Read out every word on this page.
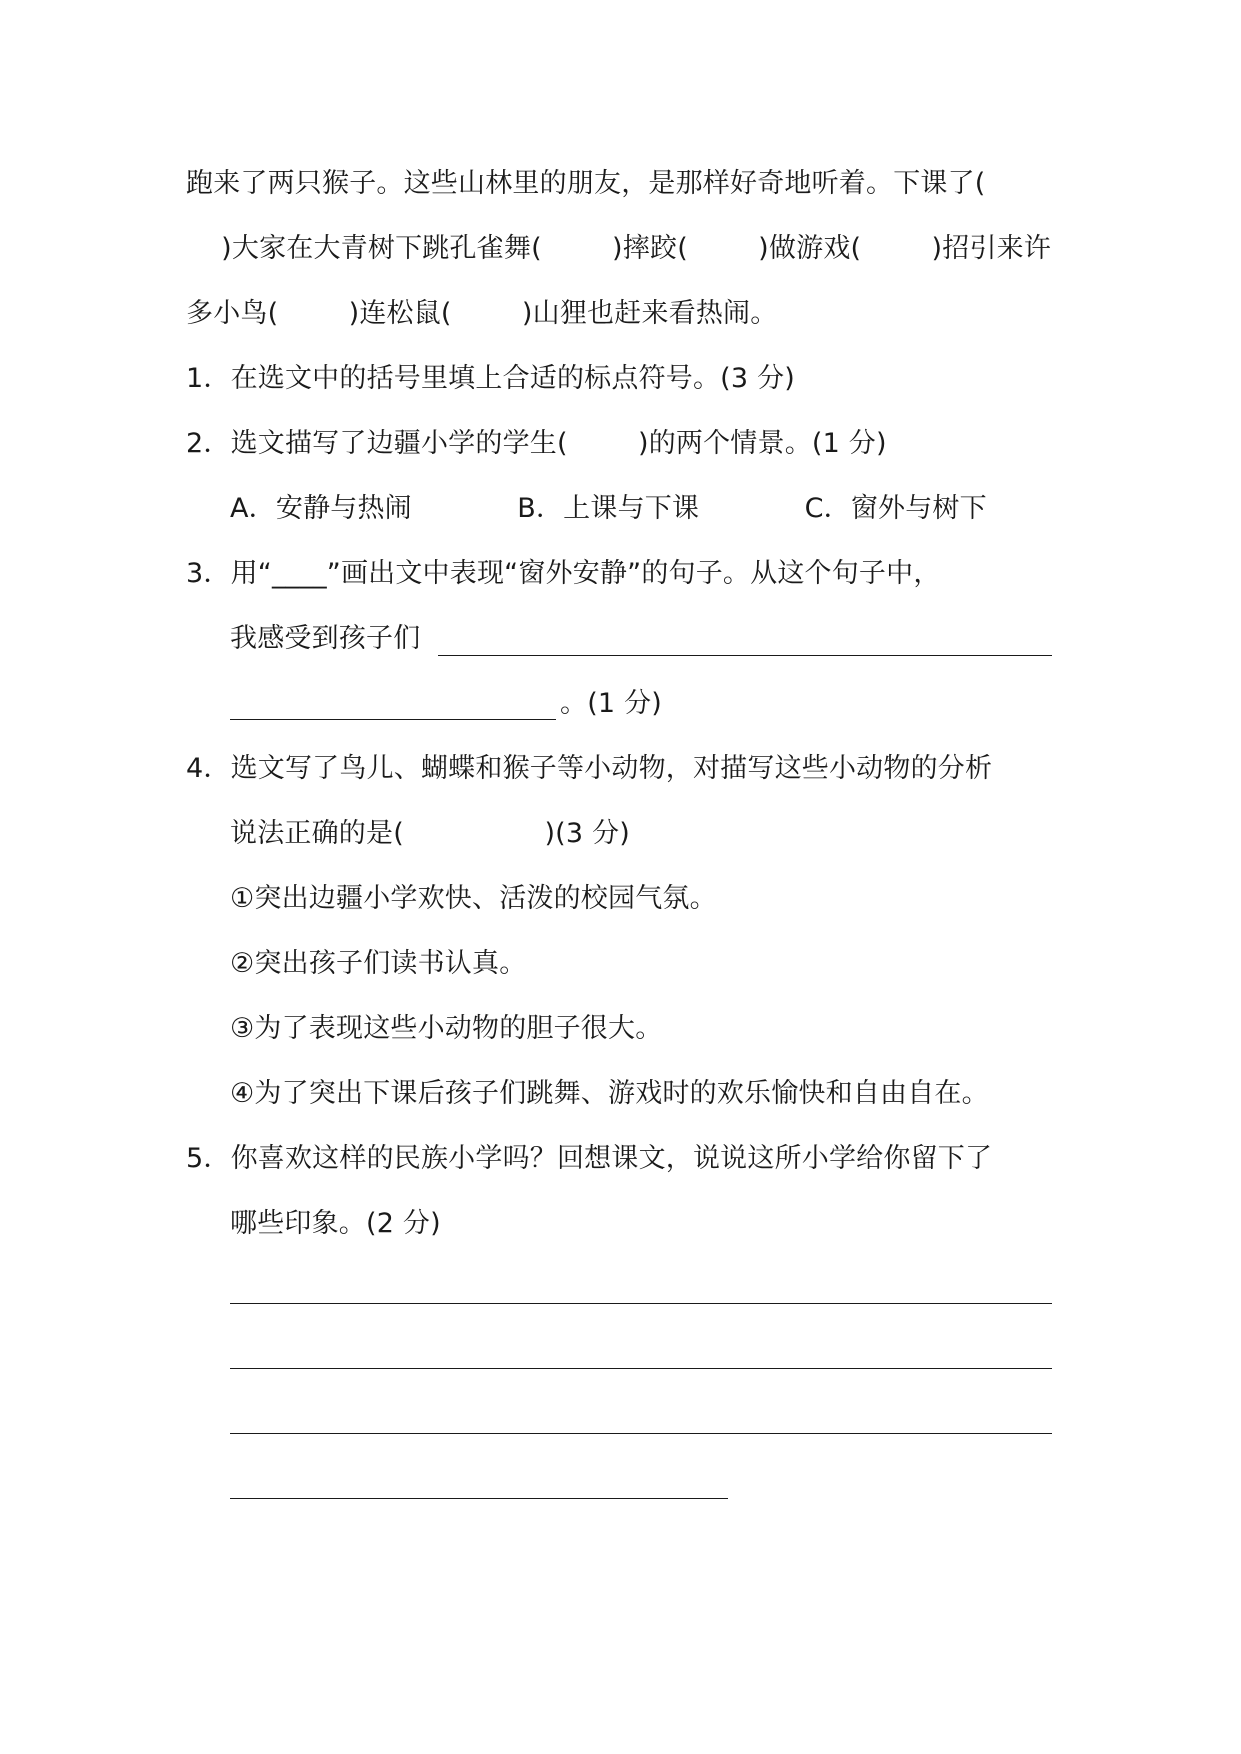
跑来了两只猴子。这些山林里的朋友，是那样好奇地听着。下课了(
)大家在大青树下跳孔雀舞(        )摔跤(        )做游戏(        )招引来许
多小鸟(        )连松鼠(        )山狸也赶来看热闹。
1．在选文中的括号里填上合适的标点符号。(3 分)
2．选文描写了边疆小学的学生(        )的两个情景。(1 分)
A．安静与热闹            B．上课与下课            C．窗外与树下
3．用“____”画出文中表现“窗外安静”的句子。从这个句子中，
我感受到孩子们
。(1 分)
4．选文写了鸟儿、蝴蝶和猴子等小动物，对描写这些小动物的分析
说法正确的是(                )(3 分)
①突出边疆小学欢快、活泼的校园气氛。
②突出孩子们读书认真。
③为了表现这些小动物的胆子很大。
④为了突出下课后孩子们跳舞、游戏时的欢乐愉快和自由自在。
5．你喜欢这样的民族小学吗？回想课文，说说这所小学给你留下了
哪些印象。(2 分)
